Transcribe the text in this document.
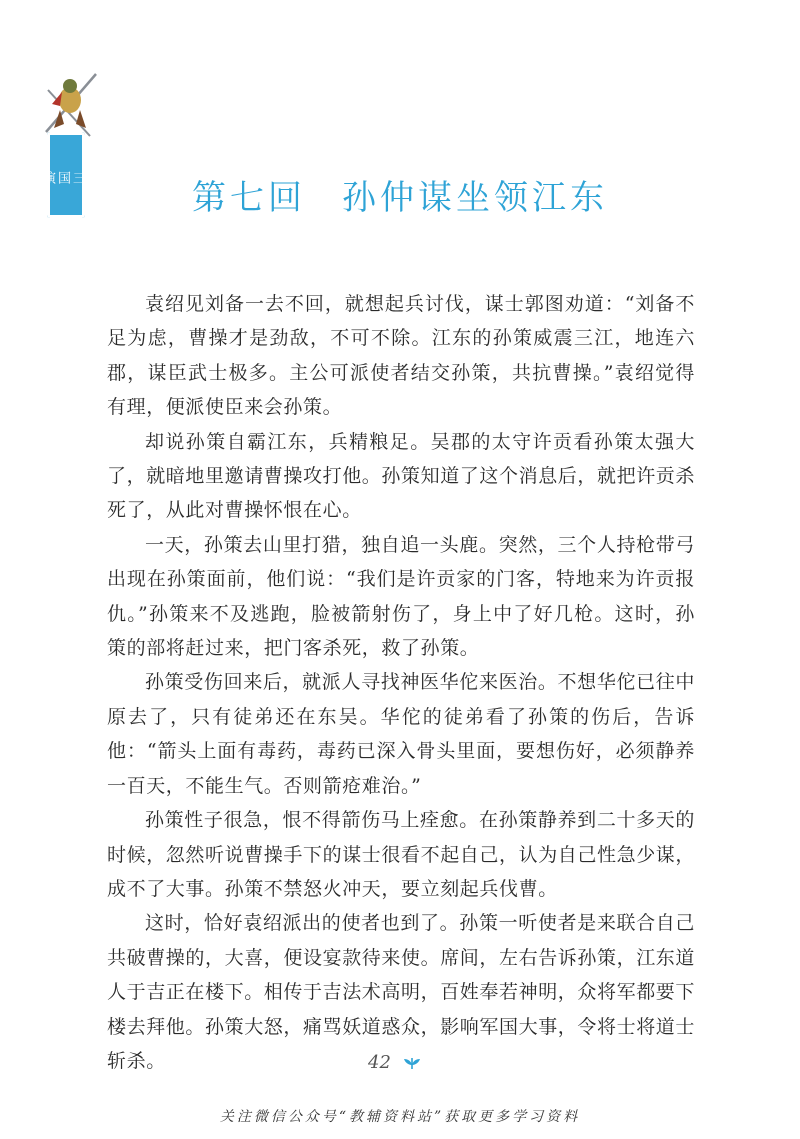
三
国
演
义
第七回 孙仲谋坐领江东

袁绍见刘备一去不回，就想起兵讨伐，谋士郭图劝道：“刘备不足为虑，曹操才是劲敌，不可不除。江东的孙策威震三江，地连六郡，谋臣武士极多。主公可派使者结交孙策，共抗曹操。”袁绍觉得有理，便派使臣来会孙策。

却说孙策自霸江东，兵精粮足。吴郡的太守许贡看孙策太强大了，就暗地里邀请曹操攻打他。孙策知道了这个消息后，就把许贡杀死了，从此对曹操怀恨在心。

一天，孙策去山里打猎，独自追一头鹿。突然，三个人持枪带弓出现在孙策面前，他们说：“我们是许贡家的门客，特地来为许贡报仇。”孙策来不及逃跑，脸被箭射伤了，身上中了好几枪。这时，孙策的部将赶过来，把门客杀死，救了孙策。

孙策受伤回来后，就派人寻找神医华佗来医治。不想华佗已往中原去了，只有徒弟还在东吴。华佗的徒弟看了孙策的伤后，告诉他：“箭头上面有毒药，毒药已深入骨头里面，要想伤好，必须静养一百天，不能生气。否则箭疮难治。”

孙策性子很急，恨不得箭伤马上痊愈。在孙策静养到二十多天的时候，忽然听说曹操手下的谋士很看不起自己，认为自己性急少谋，成不了大事。孙策不禁怒火冲天，要立刻起兵伐曹。

这时，恰好袁绍派出的使者也到了。孙策一听使者是来联合自己共破曹操的，大喜，便设宴款待来使。席间，左右告诉孙策，江东道人于吉正在楼下。相传于吉法术高明，百姓奉若神明，众将军都要下楼去拜他。孙策大怒，痛骂妖道惑众，影响军国大事，令将士将道士斩杀。	42
关注微信公众号“教辅资料站”获取更多学习资料
